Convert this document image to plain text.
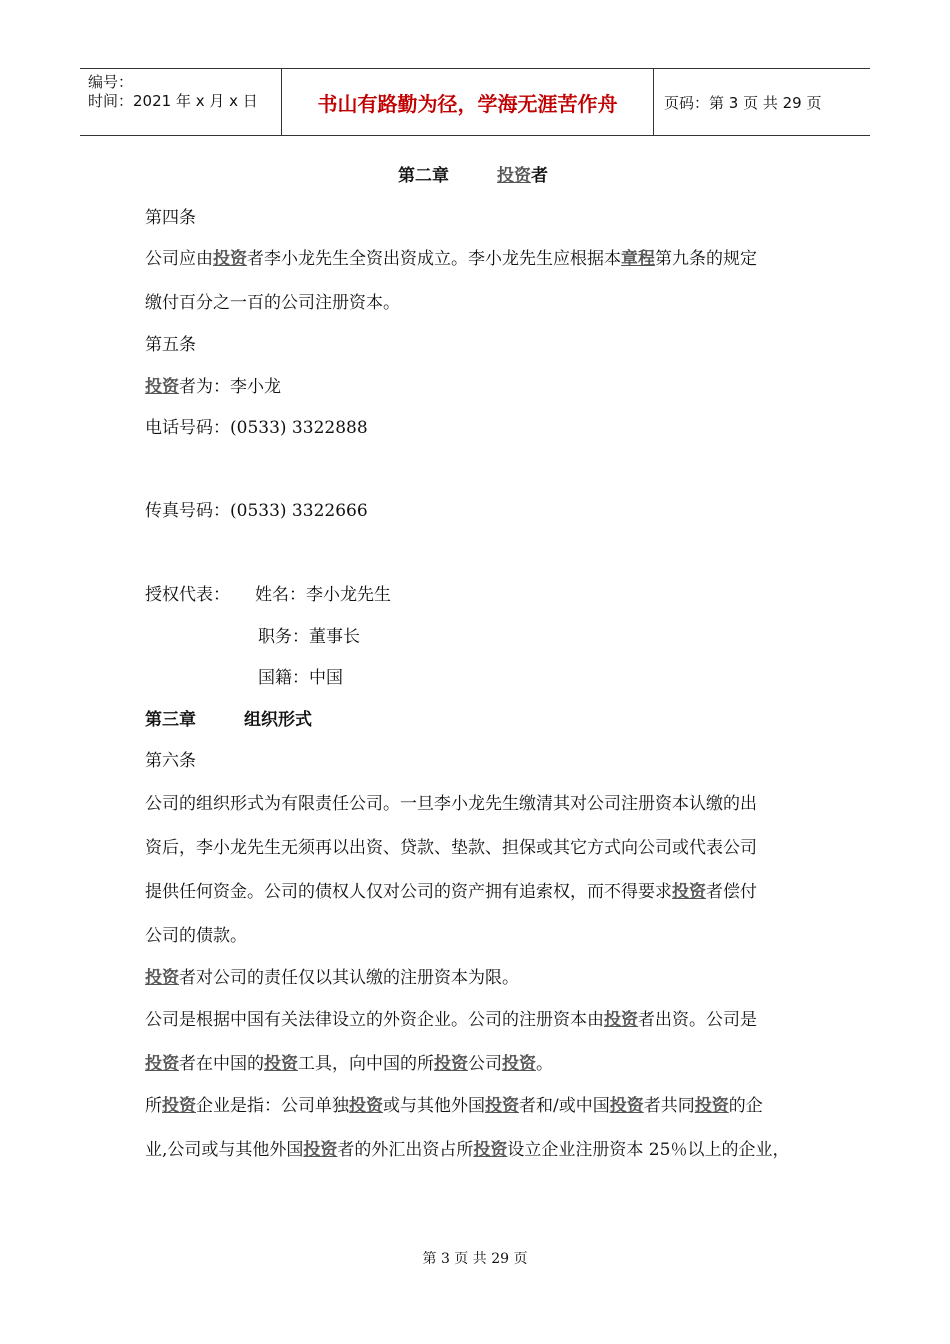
编号：
时间：2021 年 x 月 x 日	书山有路勤为径，学海无涯苦作舟	页码：第 3 页 共 29 页
第二章	投资者
第四条
公司应由投资者李小龙先生全资出资成立。李小龙先生应根据本章程第九条的规定
缴付百分之一百的公司注册资本。
第五条
投资者为：李小龙
电话号码：(0533) 3322888
传真号码：(0533) 3322666
授权代表： 姓名：李小龙先生
职务：董事长
国籍：中国
第三章	组织形式
第六条
公司的组织形式为有限责任公司。一旦李小龙先生缴清其对公司注册资本认缴的出
资后，李小龙先生无须再以出资、贷款、垫款、担保或其它方式向公司或代表公司
提供任何资金。公司的债权人仅对公司的资产拥有追索权，而不得要求投资者偿付
公司的债款。
投资者对公司的责任仅以其认缴的注册资本为限。
公司是根据中国有关法律设立的外资企业。公司的注册资本由投资者出资。公司是
投资者在中国的投资工具，向中国的所投资公司投资。
所投资企业是指：公司单独投资或与其他外国投资者和/或中国投资者共同投资的企
业,公司或与其他外国投资者的外汇出资占所投资设立企业注册资本 25％以上的企业，
第 3 页 共 29 页
